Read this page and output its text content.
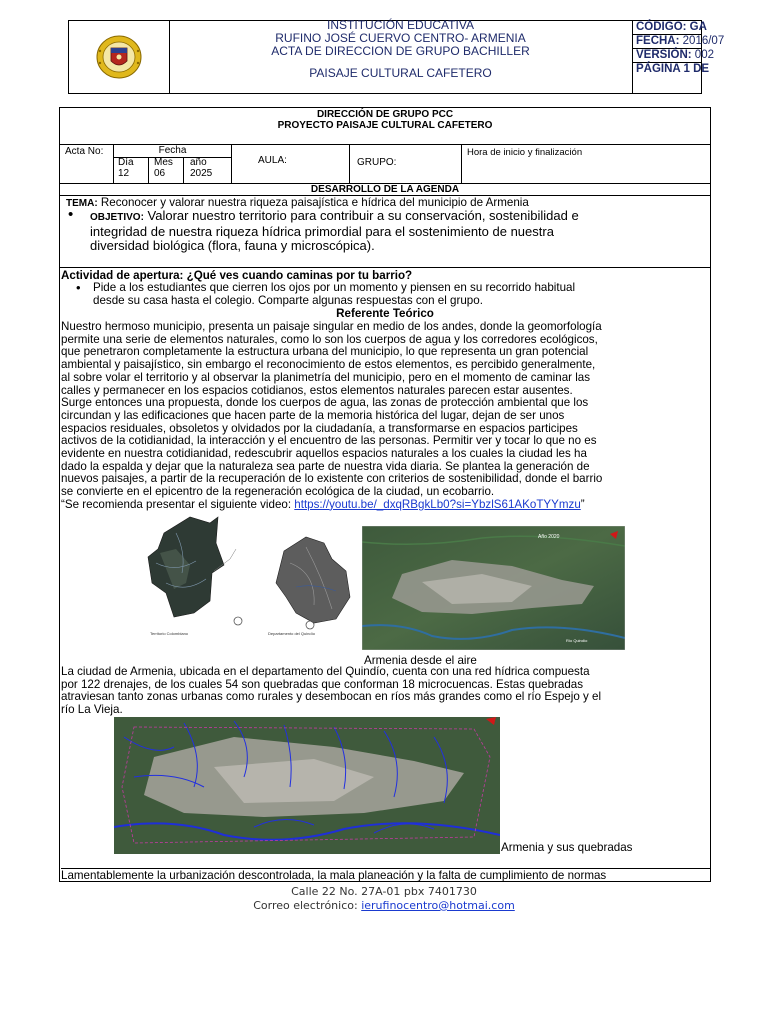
INSTITUCIÓN EDUCATIVA
RUFINO JOSÉ CUERVO CENTRO- ARMENIA
ACTA DE DIRECCION DE GRUPO BACHILLER
PAISAJE CULTURAL CAFETERO
CÓDIGO: GA
FECHA: 2016/07
VERSIÓN: 002
PÁGINA 1 DE
DIRECCIÓN DE GRUPO PCC
PROYECTO PAISAJE CULTURAL CAFETERO
Acta No:	Fecha
Día
12
Mes
06
año
2025
AULA:	GRUPO:
Hora de inicio y finalización
DESARROLLO DE LA AGENDA
TEMA: Reconocer y valorar nuestra riqueza paisajística e hídrica del municipio de Armenia
• OBJETIVO: Valorar nuestro territorio para contribuir a su conservación, sostenibilidad e
integridad de nuestra riqueza hídrica primordial para el sostenimiento de nuestra
diversidad biológica (flora, fauna y microscópica).
Actividad de apertura: ¿Qué ves cuando caminas por tu barrio?
• Pide a los estudiantes que cierren los ojos por un momento y piensen en su recorrido habitual
desde su casa hasta el colegio. Comparte algunas respuestas con el grupo.
Referente Teórico
Nuestro hermoso municipio, presenta un paisaje singular en medio de los andes, donde la geomorfología
permite una serie de elementos naturales, como lo son los cuerpos de agua y los corredores ecológicos,
que penetraron completamente la estructura urbana del municipio, lo que representa un gran potencial
ambiental y paisajístico, sin embargo el reconocimiento de estos elementos, es percibido generalmente,
al sobre volar el territorio y al observar la planimetría del municipio, pero en el momento de caminar las
calles y permanecer en los espacios cotidianos, estos elementos naturales parecen estar ausentes.
Surge entonces una propuesta, donde los cuerpos de agua, las zonas de protección ambiental que los
circundan y las edificaciones que hacen parte de la memoria histórica del lugar, dejan de ser unos
espacios residuales, obsoletos y olvidados por la ciudadanía, a transformarse en espacios participes
activos de la cotidianidad, la interacción y el encuentro de las personas. Permitir ver y tocar lo que no es
evidente en nuestra cotidianidad, redescubrir aquellos espacios naturales a los cuales la ciudad les ha
dado la espalda y dejar que la naturaleza sea parte de nuestra vida diaria. Se plantea la generación de
nuevos paisajes, a partir de la recuperación de lo existente con criterios de sostenibilidad, donde el barrio
se convierte en el epicentro de la regeneración ecológica de la ciudad, un ecobarrio.
“Se recomienda presentar el siguiente video: https://youtu.be/_dxqRBgkLb0?si=YbzlS61AKoTYYmzu”
Territorio Colombiano	Departamento del Quindío
Año 2020
Río Quindío
Armenia desde el aire
La ciudad de Armenia, ubicada en el departamento del Quindío, cuenta con una red hídrica compuesta
por 122 drenajes, de los cuales 54 son quebradas que conforman 18 microcuencas. Estas quebradas
atraviesan tanto zonas urbanas como rurales y desembocan en ríos más grandes como el río Espejo y el
río La Vieja.
Armenia y sus quebradas
Lamentablemente la urbanización descontrolada, la mala planeación y la falta de cumplimiento de normas
Calle 22 No. 27A-01 pbx 7401730
Correo electrónico: ierufinocentro@hotmai.com
